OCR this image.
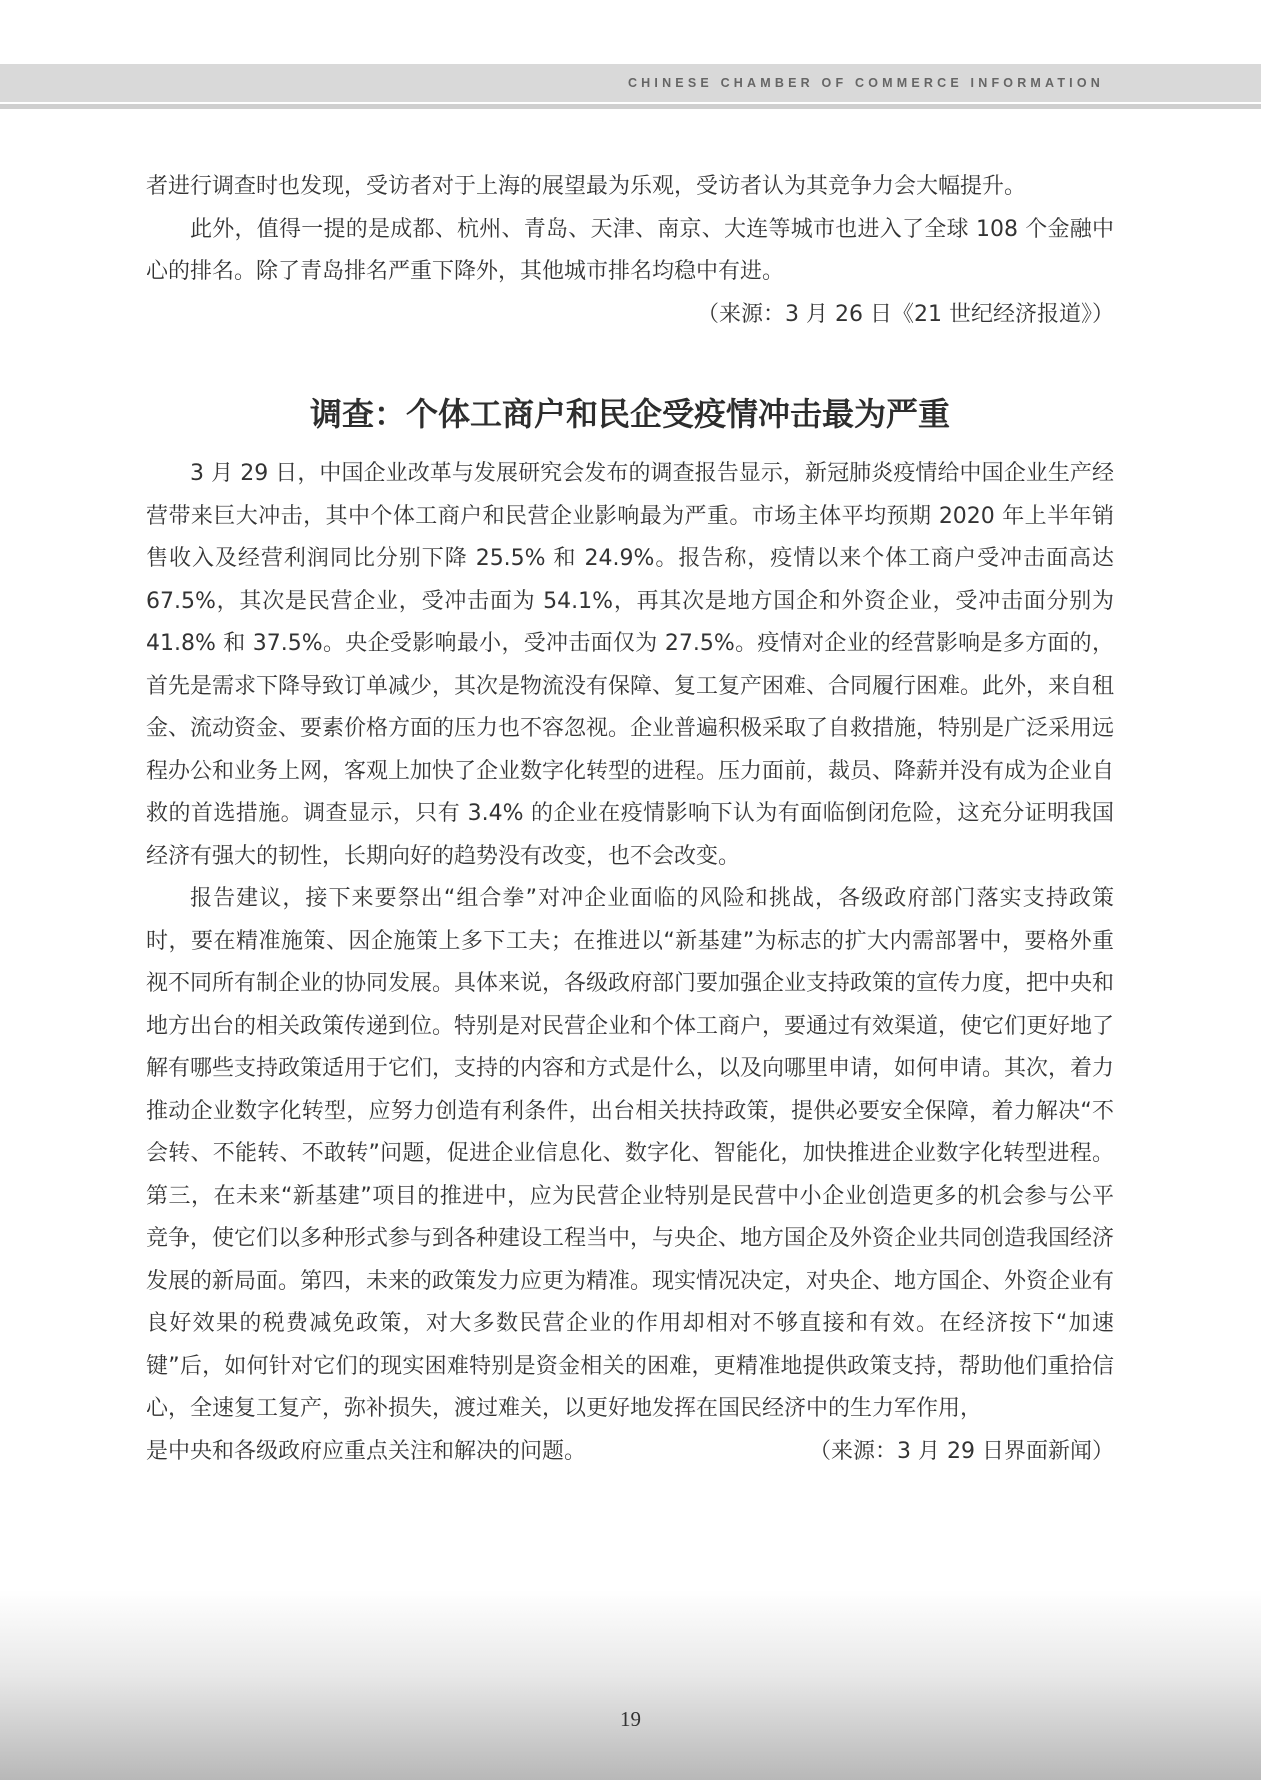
CHINESE CHAMBER OF COMMERCE INFORMATION

者进行调查时也发现，受访者对于上海的展望最为乐观，受访者认为其竞争力会大幅提升。

此外，值得一提的是成都、杭州、青岛、天津、南京、大连等城市也进入了全球 108 个金融中心的排名。除了青岛排名严重下降外，其他城市排名均稳中有进。

（来源：3 月 26 日《21 世纪经济报道》）

调查：个体工商户和民企受疫情冲击最为严重

3 月 29 日，中国企业改革与发展研究会发布的调查报告显示，新冠肺炎疫情给中国企业生产经营带来巨大冲击，其中个体工商户和民营企业影响最为严重。市场主体平均预期 2020 年上半年销售收入及经营利润同比分别下降 25.5% 和 24.9%。报告称，疫情以来个体工商户受冲击面高达 67.5%，其次是民营企业，受冲击面为 54.1%，再其次是地方国企和外资企业，受冲击面分别为 41.8% 和 37.5%。央企受影响最小，受冲击面仅为 27.5%。疫情对企业的经营影响是多方面的，首先是需求下降导致订单减少，其次是物流没有保障、复工复产困难、合同履行困难。此外，来自租金、流动资金、要素价格方面的压力也不容忽视。企业普遍积极采取了自救措施，特别是广泛采用远程办公和业务上网，客观上加快了企业数字化转型的进程。压力面前，裁员、降薪并没有成为企业自救的首选措施。调查显示，只有 3.4% 的企业在疫情影响下认为有面临倒闭危险，这充分证明我国经济有强大的韧性，长期向好的趋势没有改变，也不会改变。

报告建议，接下来要祭出“组合拳”对冲企业面临的风险和挑战，各级政府部门落实支持政策时，要在精准施策、因企施策上多下工夫；在推进以“新基建”为标志的扩大内需部署中，要格外重视不同所有制企业的协同发展。具体来说，各级政府部门要加强企业支持政策的宣传力度，把中央和地方出台的相关政策传递到位。特别是对民营企业和个体工商户，要通过有效渠道，使它们更好地了解有哪些支持政策适用于它们，支持的内容和方式是什么，以及向哪里申请，如何申请。其次，着力推动企业数字化转型，应努力创造有利条件，出台相关扶持政策，提供必要安全保障，着力解决“不会转、不能转、不敢转”问题，促进企业信息化、数字化、智能化，加快推进企业数字化转型进程。第三，在未来“新基建”项目的推进中，应为民营企业特别是民营中小企业创造更多的机会参与公平竞争，使它们以多种形式参与到各种建设工程当中，与央企、地方国企及外资企业共同创造我国经济发展的新局面。第四，未来的政策发力应更为精准。现实情况决定，对央企、地方国企、外资企业有良好效果的税费减免政策，对大多数民营企业的作用却相对不够直接和有效。在经济按下“加速键”后，如何针对它们的现实困难特别是资金相关的困难，更精准地提供政策支持，帮助他们重拾信心，全速复工复产，弥补损失，渡过难关，以更好地发挥在国民经济中的生力军作用，

是中央和各级政府应重点关注和解决的问题。	（来源：3 月 29 日界面新闻）
19
